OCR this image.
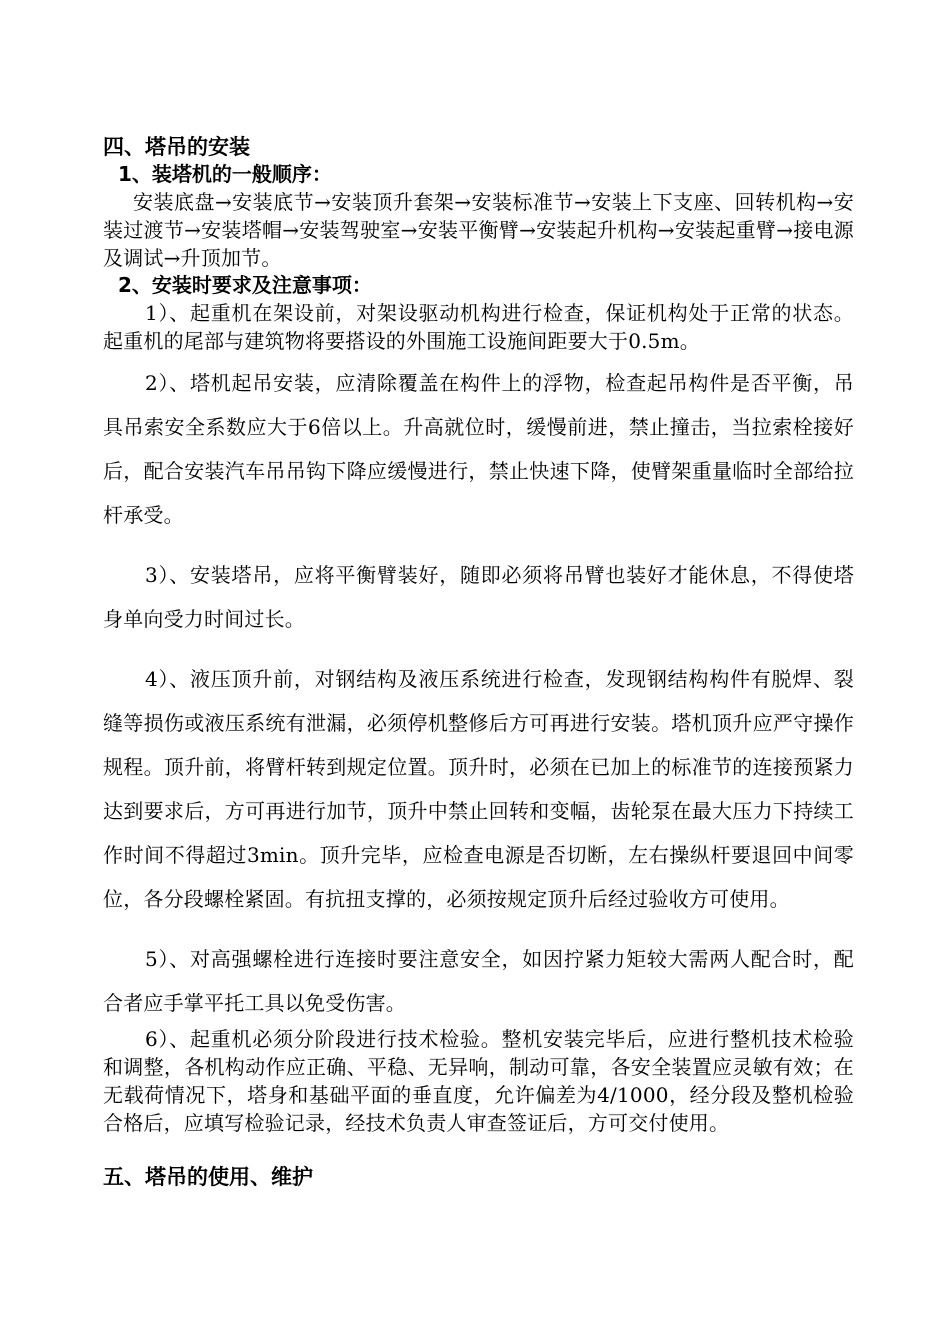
四、塔吊的安装
1、装塔机的一般顺序：

安装底盘→安装底节→安装顶升套架→安装标准节→安装上下支座、回转机构→安装过渡节→安装塔帽→安装驾驶室→安装平衡臂→安装起升机构→安装起重臂→接电源及调试→升顶加节。

2、安装时要求及注意事项：

1）、起重机在架设前，对架设驱动机构进行检查，保证机构处于正常的状态。起重机的尾部与建筑物将要搭设的外围施工设施间距要大于0.5m。

2）、塔机起吊安装，应清除覆盖在构件上的浮物，检查起吊构件是否平衡，吊具吊索安全系数应大于6倍以上。升高就位时，缓慢前进，禁止撞击，当拉索栓接好后，配合安装汽车吊吊钩下降应缓慢进行，禁止快速下降，使臂架重量临时全部给拉杆承受。

3）、安装塔吊，应将平衡臂装好，随即必须将吊臂也装好才能休息，不得使塔身单向受力时间过长。

4）、液压顶升前，对钢结构及液压系统进行检查，发现钢结构构件有脱焊、裂缝等损伤或液压系统有泄漏，必须停机整修后方可再进行安装。塔机顶升应严守操作规程。顶升前，将臂杆转到规定位置。顶升时，必须在已加上的标准节的连接预紧力达到要求后，方可再进行加节，顶升中禁止回转和变幅，齿轮泵在最大压力下持续工作时间不得超过3min。顶升完毕，应检查电源是否切断，左右操纵杆要退回中间零位，各分段螺栓紧固。有抗扭支撑的，必须按规定顶升后经过验收方可使用。

5）、对高强螺栓进行连接时要注意安全，如因拧紧力矩较大需两人配合时，配合者应手掌平托工具以免受伤害。

6）、起重机必须分阶段进行技术检验。整机安装完毕后，应进行整机技术检验和调整，各机构动作应正确、平稳、无异响，制动可靠，各安全装置应灵敏有效；在无载荷情况下，塔身和基础平面的垂直度，允许偏差为4/1000，经分段及整机检验合格后，应填写检验记录，经技术负责人审查签证后，方可交付使用。

五、塔吊的使用、维护
